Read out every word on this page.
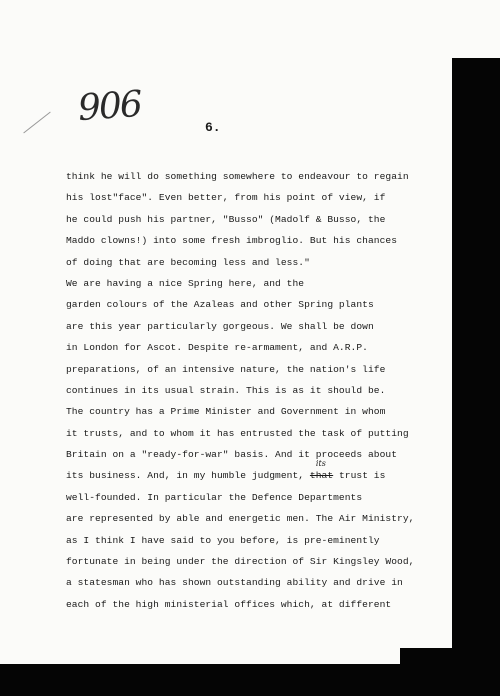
906	6.
think he will do something somewhere to endeavour to regain
his lost"face". Even better, from his point of view, if
he could push his partner, "Busso" (Madolf & Busso, the
Maddo clowns!) into some fresh imbroglio. But his chances
of doing that are becoming less and less."
We are having a nice Spring here, and the
garden colours of the Azaleas and other Spring plants
are this year particularly gorgeous. We shall be down
in London for Ascot. Despite re-armament, and A.R.P.
preparations, of an intensive nature, the nation's life
continues in its usual strain. This is as it should be.
The country has a Prime Minister and Government in whom
it trusts, and to whom it has entrusted the task of putting
Britain on a "ready-for-war" basis. And it proceeds about
its business. And, in my humble judgment, that
its
trust is
well-founded. In particular the Defence Departments
are represented by able and energetic men. The Air Ministry,
as I think I have said to you before, is pre-eminently
fortunate in being under the direction of Sir Kingsley Wood,
a statesman who has shown outstanding ability and drive in
each of the high ministerial offices which, at different
